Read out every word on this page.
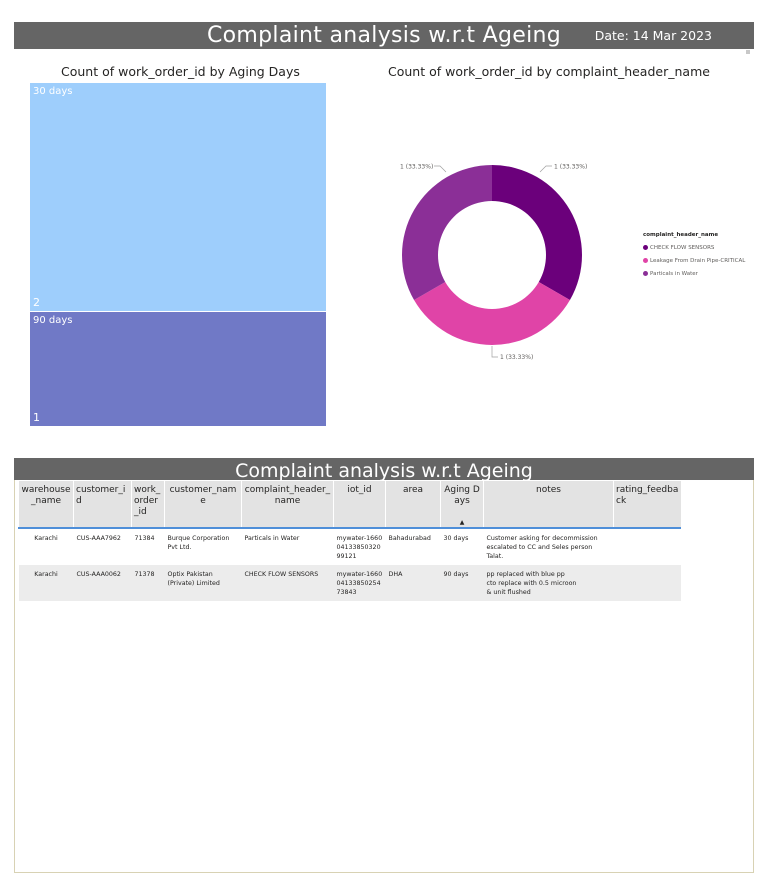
Complaint analysis w.r.t Ageing	Date: 14 Mar 2023
Count of work_order_id by Aging Days
30 days
2
90 days
1
Count of work_order_id by complaint_header_name
1 (33.33%)
1 (33.33%)
1 (33.33%)
complaint_header_name
CHECK FLOW SENSORS
Leakage From Drain Pipe-CRITICAL
Particals in Water
Complaint analysis w.r.t Ageing
warehouse_name	customer_id	work_order_id	customer_name	complaint_header_name	iot_id	area	Aging Days
▲	notes	rating_feedback
Karachi	CUS-AAA7962	71384	Burque Corporation Pvt Ltd.	Particals in Water	mywater-16600413385032099121	Bahadurabad	30 days	Customer asking for decommission escalated to CC and Seles person Talat.	

Karachi	CUS-AAA0062	71378	Optix Pakistan (Private) Limited	CHECK FLOW SENSORS	mywater-16600413385025473843	DHA	90 days	pp replaced with blue pp
cto replace with 0.5 microon
& unit flushed	
